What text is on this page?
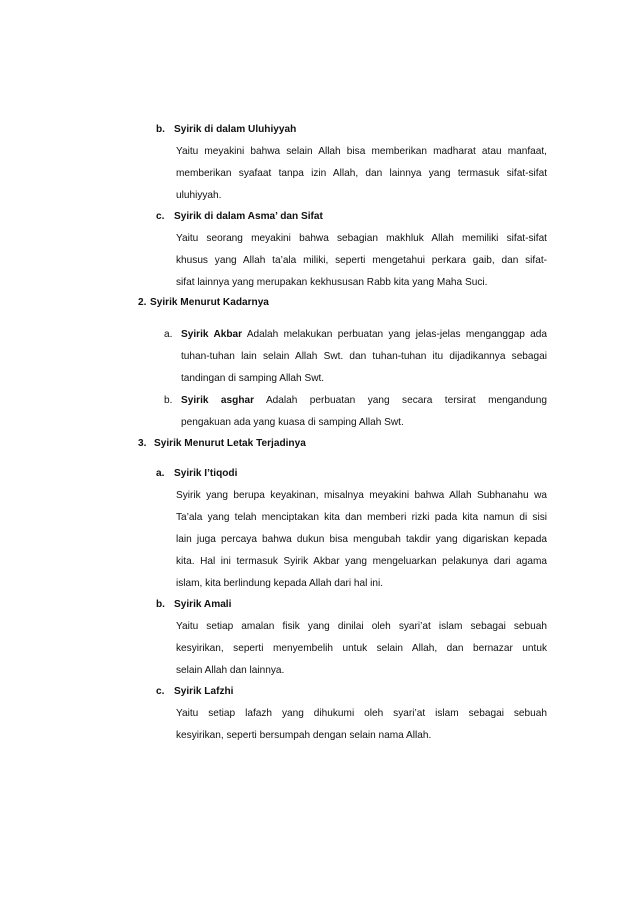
b. Syirik di dalam Uluhiyyah
Yaitu meyakini bahwa selain Allah bisa memberikan madharat atau manfaat,
memberikan syafaat tanpa izin Allah, dan lainnya yang termasuk sifat-sifat
uluhiyyah.
c. Syirik di dalam Asma’ dan Sifat
Yaitu seorang meyakini bahwa sebagian makhluk Allah memiliki sifat-sifat
khusus yang Allah ta’ala miliki, seperti mengetahui perkara gaib, dan sifat-
sifat lainnya yang merupakan kekhususan Rabb kita yang Maha Suci.
2. Syirik Menurut Kadarnya
a. Syirik Akbar Adalah melakukan perbuatan yang jelas-jelas menganggap ada
tuhan-tuhan lain selain Allah Swt. dan tuhan-tuhan itu dijadikannya sebagai
tandingan di samping Allah Swt.
b. Syirik asghar Adalah perbuatan yang secara tersirat mengandung
pengakuan ada yang kuasa di samping Allah Swt.
3. Syirik Menurut Letak Terjadinya
a. Syirik I’tiqodi
Syirik yang berupa keyakinan, misalnya meyakini bahwa Allah Subhanahu wa
Ta’ala yang telah menciptakan kita dan memberi rizki pada kita namun di sisi
lain juga percaya bahwa dukun bisa mengubah takdir yang digariskan kepada
kita. Hal ini termasuk Syirik Akbar yang mengeluarkan pelakunya dari agama
islam, kita berlindung kepada Allah dari hal ini.
b. Syirik Amali
Yaitu setiap amalan fisik yang dinilai oleh syari’at islam sebagai sebuah
kesyirikan, seperti menyembelih untuk selain Allah, dan bernazar untuk
selain Allah dan lainnya.
c. Syirik Lafzhi
Yaitu setiap lafazh yang dihukumi oleh syari’at islam sebagai sebuah
kesyirikan, seperti bersumpah dengan selain nama Allah.
